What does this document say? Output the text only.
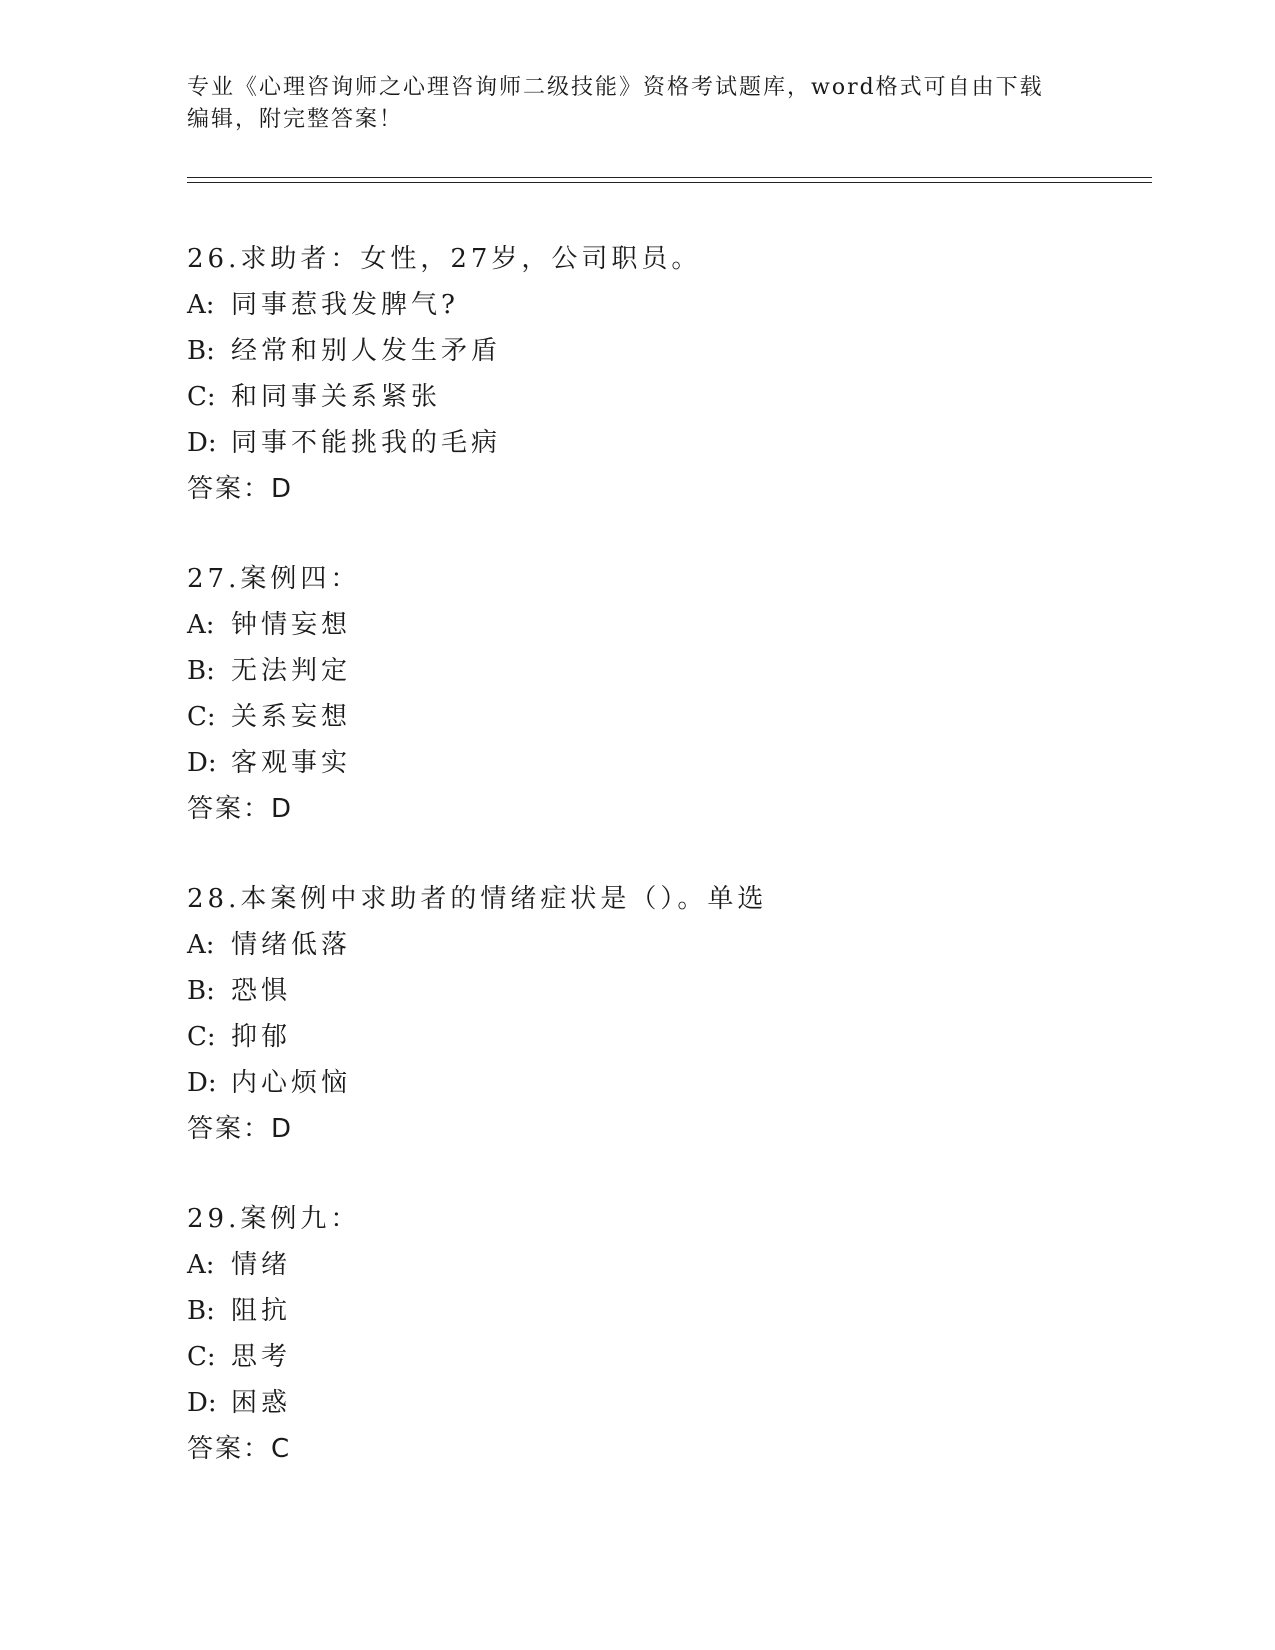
专业《心理咨询师之心理咨询师二级技能》资格考试题库，word格式可自由下载
编辑，附完整答案！
26.求助者：女性，27岁，公司职员。
A: 同事惹我发脾气?
B: 经常和别人发生矛盾
C: 和同事关系紧张
D: 同事不能挑我的毛病
答案：D
27.案例四：
A: 钟情妄想
B: 无法判定
C: 关系妄想
D: 客观事实
答案：D
28.本案例中求助者的情绪症状是（）。单选
A: 情绪低落
B: 恐惧
C: 抑郁
D: 内心烦恼
答案：D
29.案例九：
A: 情绪
B: 阻抗
C: 思考
D: 困惑
答案：C
